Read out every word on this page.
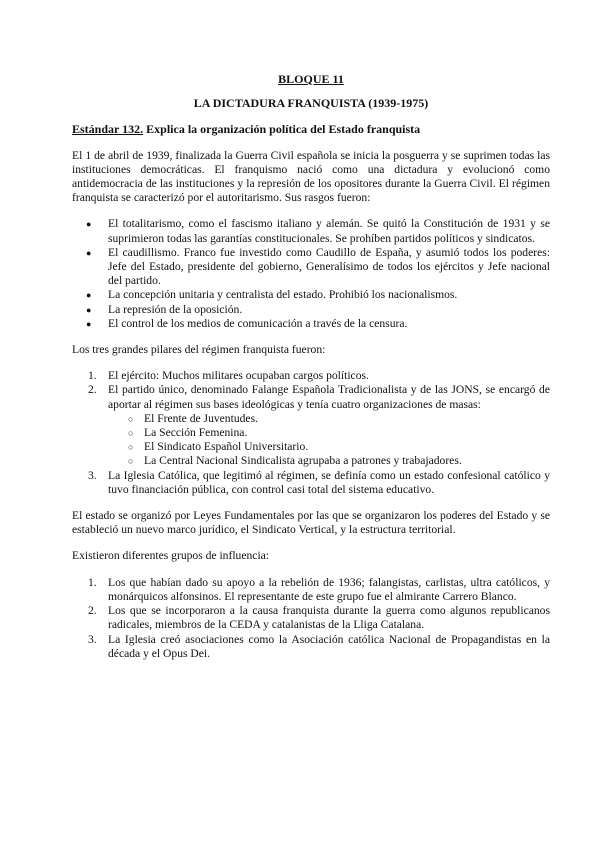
BLOQUE 11
LA DICTADURA FRANQUISTA (1939-1975)
Estándar 132. Explica la organización política del Estado franquista

El 1 de abril de 1939, finalizada la Guerra Civil española se inicia la posguerra y se suprimen todas las instituciones democráticas. El franquismo nació como una dictadura y evolucionó como antidemocracia de las instituciones y la represión de los opositores durante la Guerra Civil. El régimen franquista se caracterizó por el autoritarismo. Sus rasgos fueron:

● El totalitarismo, como el fascismo italiano y alemán. Se quitó la Constitución de 1931 y se suprimieron todas las garantías constitucionales. Se prohíben partidos políticos y sindicatos.
● El caudillismo. Franco fue investido como Caudillo de España, y asumió todos los poderes: Jefe del Estado, presidente del gobierno, Generalísimo de todos los ejércitos y Jefe nacional del partido.
● La concepción unitaria y centralista del estado. Prohibió los nacionalismos.
● La represión de la oposición.
● El control de los medios de comunicación a través de la censura.

Los tres grandes pilares del régimen franquista fueron:

1. El ejército: Muchos militares ocupaban cargos políticos.
2. El partido único, denominado Falange Española Tradicionalista y de las JONS, se encargó de aportar al régimen sus bases ideológicas y tenía cuatro organizaciones de masas:
○ El Frente de Juventudes.
○ La Sección Femenina.
○ El Sindicato Español Universitario.
○ La Central Nacional Sindicalista agrupaba a patrones y trabajadores.
3. La Iglesia Católica, que legitimó al régimen, se definía como un estado confesional católico y tuvo financiación pública, con control casi total del sistema educativo.

El estado se organizó por Leyes Fundamentales por las que se organizaron los poderes del Estado y se estableció un nuevo marco jurídico, el Sindicato Vertical, y la estructura territorial.

Existieron diferentes grupos de influencia:

1. Los que habían dado su apoyo a la rebelión de 1936; falangistas, carlistas, ultra católicos, y monárquicos alfonsinos. El representante de este grupo fue el almirante Carrero Blanco.
2. Los que se incorporaron a la causa franquista durante la guerra como algunos republicanos radicales, miembros de la CEDA y catalanistas de la Lliga Catalana.
3. La Iglesia creó asociaciones como la Asociación católica Nacional de Propagandistas en la década y el Opus Dei.
